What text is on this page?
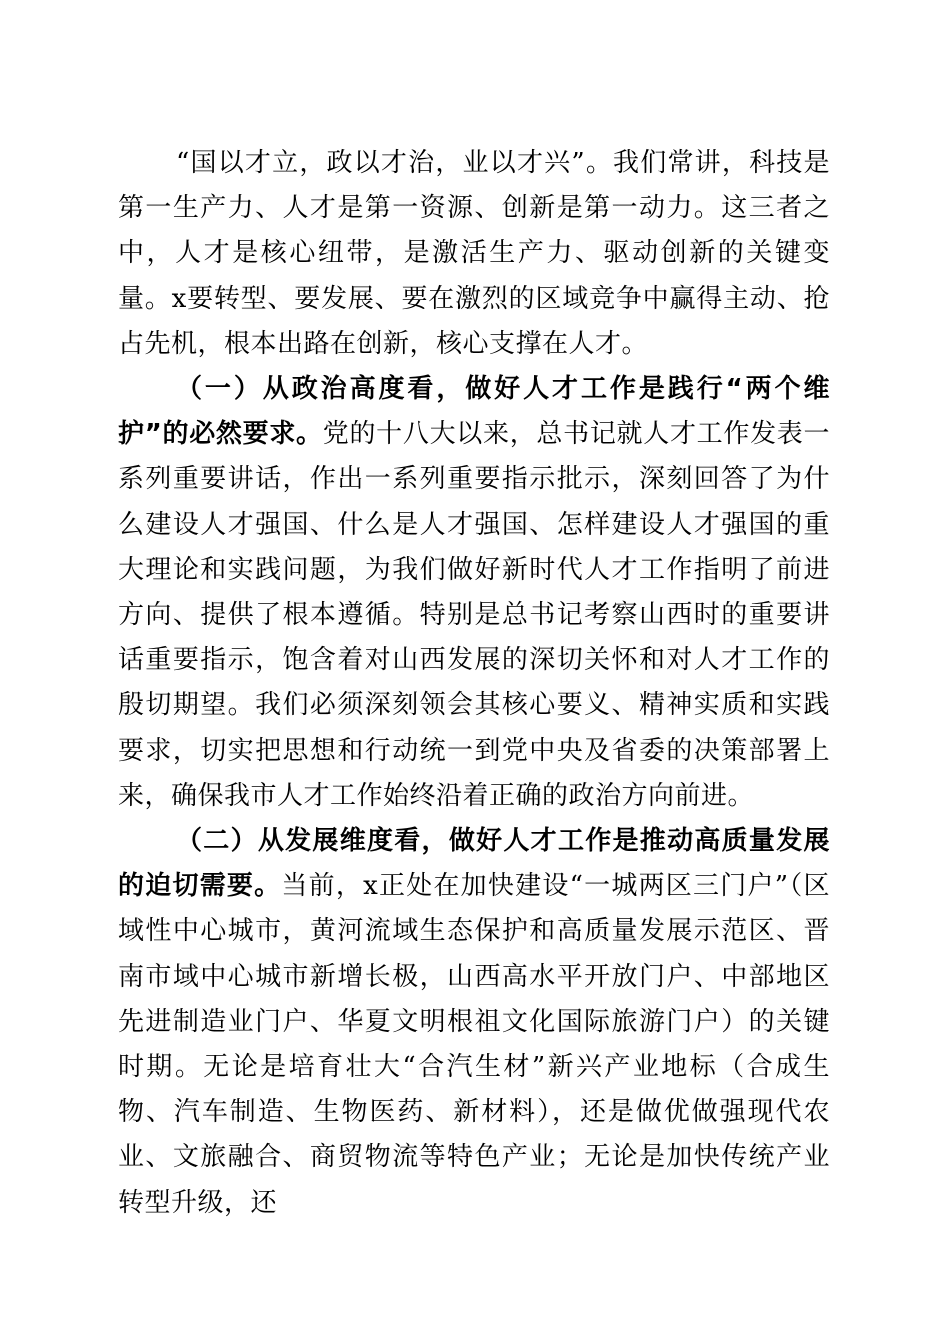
“国以才立，政以才治，业以才兴”。我们常讲，科技是第一生产力、人才是第一资源、创新是第一动力。这三者之中，人才是核心纽带，是激活生产力、驱动创新的关键变量。x要转型、要发展、要在激烈的区域竞争中赢得主动、抢占先机，根本出路在创新，核心支撑在人才。

（一）从政治高度看，做好人才工作是践行“两个维护”的必然要求。党的十八大以来，总书记就人才工作发表一系列重要讲话，作出一系列重要指示批示，深刻回答了为什么建设人才强国、什么是人才强国、怎样建设人才强国的重大理论和实践问题，为我们做好新时代人才工作指明了前进方向、提供了根本遵循。特别是总书记考察山西时的重要讲话重要指示，饱含着对山西发展的深切关怀和对人才工作的殷切期望。我们必须深刻领会其核心要义、精神实质和实践要求，切实把思想和行动统一到党中央及省委的决策部署上来，确保我市人才工作始终沿着正确的政治方向前进。

（二）从发展维度看，做好人才工作是推动高质量发展的迫切需要。当前，x正处在加快建设“一城两区三门户”（区域性中心城市，黄河流域生态保护和高质量发展示范区、晋南市域中心城市新增长极，山西高水平开放门户、中部地区先进制造业门户、华夏文明根祖文化国际旅游门户）的关键时期。无论是培育壮大“合汽生材”新兴产业地标（合成生物、汽车制造、生物医药、新材料），还是做优做强现代农业、文旅融合、商贸物流等特色产业；无论是加快传统产业转型升级，还
